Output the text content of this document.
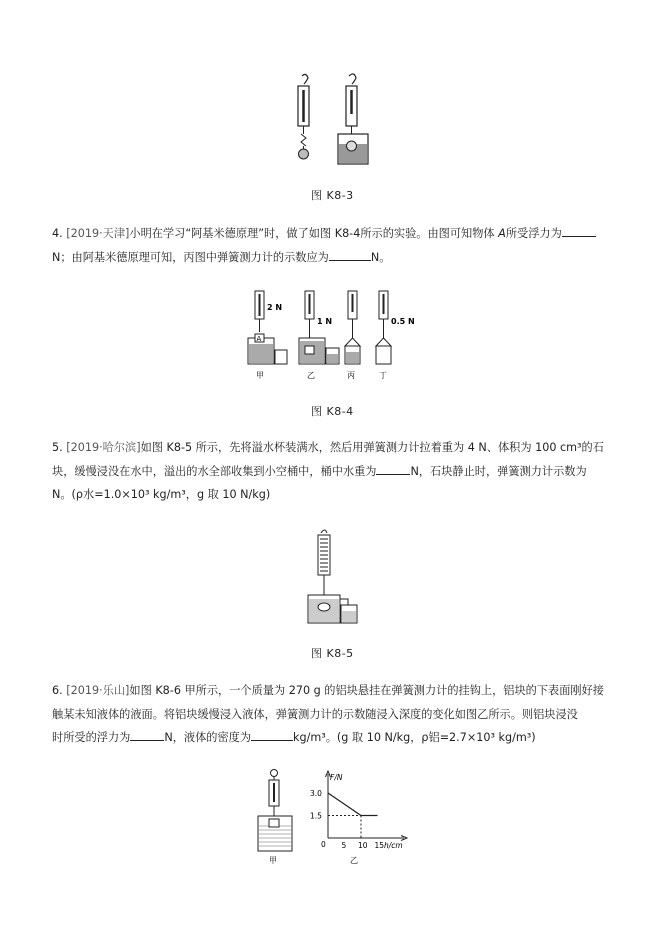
图 K8-3
4. [2019·天津]小明在学习“阿基米德原理”时，做了如图 K8-4所示的实验。由图可知物体 A所受浮力为
N；由阿基米德原理可知，丙图中弹簧测力计的示数应为	N。
2 N
A
甲
1 N
乙	丙
0.5 N
丁
图 K8-4
5. [2019·哈尔滨]如图 K8-5 所示，先将溢水杯装满水，然后用弹簧测力计拉着重为 4 N、体积为 100 cm³的石
块，缓慢浸没在水中，溢出的水全部收集到小空桶中，桶中水重为	N，石块静止时，弹簧测力计示数为
N。(ρ水=1.0×10³ kg/m³，g 取 10 N/kg)
图 K8-5
6. [2019·乐山]如图 K8-6 甲所示，一个质量为 270 g 的铝块悬挂在弹簧测力计的挂钩上，铝块的下表面刚好接
触某未知液体的液面。将铝块缓慢浸入液体，弹簧测力计的示数随浸入深度的变化如图乙所示。则铝块浸没
时所受的浮力为	N，液体的密度为	kg/m³。(g 取 10 N/kg，ρ铝=2.7×10³ kg/m³)
甲
F/N
h/cm
0 5 10 15
3.0
1.5
乙
